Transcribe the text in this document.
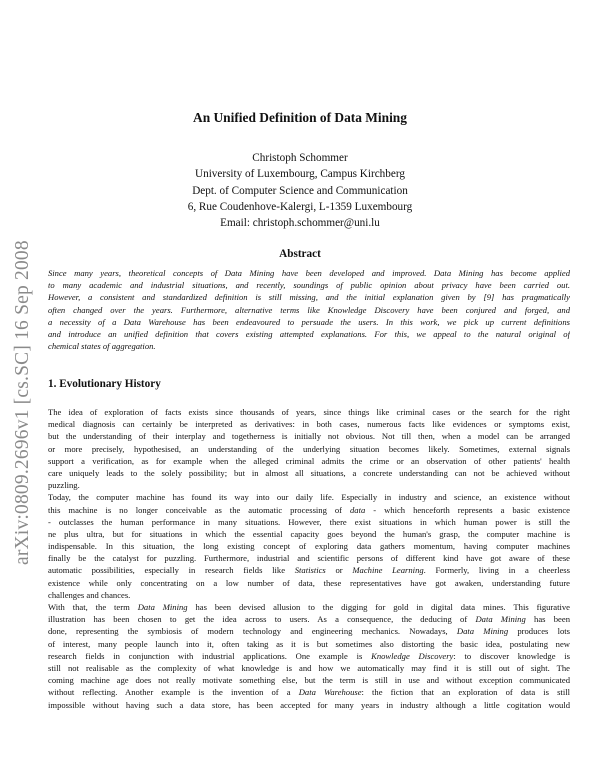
arXiv:0809.2696v1 [cs.SC] 16 Sep 2008
An Unified Definition of Data Mining
Christoph Schommer
University of Luxembourg, Campus Kirchberg
Dept. of Computer Science and Communication
6, Rue Coudenhove-Kalergi, L-1359 Luxembourg
Email: christoph.schommer@uni.lu
Abstract
Since many years, theoretical concepts of Data Mining have been developed and improved. Data Mining has become applied
to many academic and industrial situations, and recently, soundings of public opinion about privacy have been carried out.
However, a consistent and standardized definition is still missing, and the initial explanation given by [9] has pragmatically
often changed over the years. Furthermore, alternative terms like Knowledge Discovery have been conjured and forged, and
a necessity of a Data Warehouse has been endeavoured to persuade the users. In this work, we pick up current definitions
and introduce an unified definition that covers existing attempted explanations. For this, we appeal to the natural original of
chemical states of aggregation.
1. Evolutionary History
The idea of exploration of facts exists since thousands of years, since things like criminal cases or the search for the right
medical diagnosis can certainly be interpreted as derivatives: in both cases, numerous facts like evidences or symptoms exist,
but the understanding of their interplay and togetherness is initially not obvious. Not till then, when a model can be arranged
or more precisely, hypothesised, an understanding of the underlying situation becomes likely. Sometimes, external signals
support a verification, as for example when the alleged criminal admits the crime or an observation of other patients' health
care uniquely leads to the solely possibility; but in almost all situations, a concrete understanding can not be achieved without
puzzling.
Today, the computer machine has found its way into our daily life. Especially in industry and science, an existence without
this machine is no longer conceivable as the automatic processing of data - which henceforth represents a basic existence
- outclasses the human performance in many situations. However, there exist situations in which human power is still the
ne plus ultra, but for situations in which the essential capacity goes beyond the human's grasp, the computer machine is
indispensable. In this situation, the long existing concept of exploring data gathers momentum, having computer machines
finally be the catalyst for puzzling. Furthermore, industrial and scientific persons of different kind have got aware of these
automatic possibilities, especially in research fields like Statistics or Machine Learning. Formerly, living in a cheerless
existence while only concentrating on a low number of data, these representatives have got awaken, understanding future
challenges and chances.
With that, the term Data Mining has been devised allusion to the digging for gold in digital data mines. This figurative
illustration has been chosen to get the idea across to users. As a consequence, the deducing of Data Mining has been
done, representing the symbiosis of modern technology and engineering mechanics. Nowadays, Data Mining produces lots
of interest, many people launch into it, often taking as it is but sometimes also distorting the basic idea, postulating new
research fields in conjunction with industrial applications. One example is Knowledge Discovery: to discover knowledge is
still not realisable as the complexity of what knowledge is and how we automatically may find it is still out of sight. The
coming machine age does not really motivate something else, but the term is still in use and without exception communicated
without reflecting. Another example is the invention of a Data Warehouse: the fiction that an exploration of data is still
impossible without having such a data store, has been accepted for many years in industry although a little cogitation would
